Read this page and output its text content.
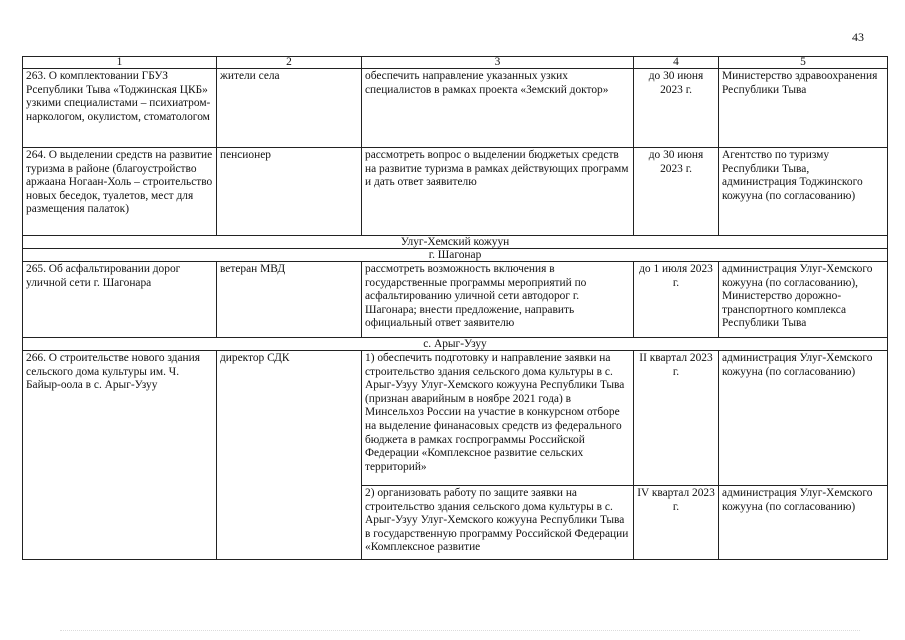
43
1	2	3	4	5
263. О комплектовании ГБУЗ Рсепублики Тыва «Тоджинская ЦКБ» узкими специалистами – психиатром-наркологом, окулистом, стоматологом	жители села	обеспечить направление указанных узких специалистов в рамках проекта «Земский доктор»	до 30 июня 2023 г.	Министерство здравоохранения Республики Тыва
264. О выделении средств на развитие туризма в районе (благоустройство аржаана Ногаан-Холь – строительство новых беседок, туалетов, мест для размещения палаток)	пенсионер	рассмотреть вопрос о выделении бюджетых средств на развитие туризма в рамках действующих программ и дать ответ заявителю	до 30 июня 2023 г.	Агентство по туризму Республики Тыва, администрация Тоджинского кожууна (по согласованию)
Улуг-Хемский кожуун				
г. Шагонар				
265. Об асфальтировании дорог уличной сети г. Шагонара	ветеран МВД	рассмотреть возможность включения в государственные программы мероприятий по асфальтированию уличной сети автодорог г. Шагонара; внести предложение, направить официальный ответ заявителю	до 1 июля 2023 г.	администрация Улуг-Хемского кожууна (по согласованию), Министерство дорожно-транспортного комплекса Республики Тыва
с. Арыг-Узуу				
266. О строительстве нового здания сельского дома культуры им. Ч. Байыр-оола в с. Арыг-Узуу	директор СДК	1) обеспечить подготовку и направление заявки на строительство здания сельского дома культуры в с. Арыг-Узуу Улуг-Хемского кожууна Республики Тыва (признан аварийным в ноябре 2021 года) в Минсельхоз России на участие в конкурсном отборе на выделение финанасовых средств из федерального бюджета в рамках госпрограммы Российской Федерации «Комплексное развитие сельских территорий»	II квартал 2023 г.	администрация Улуг-Хемского кожууна (по согласованию)
		2) организовать работу по защите заявки на строительство здания сельского дома культуры в с. Арыг-Узуу Улуг-Хемского кожууна Республики Тыва в государственную программу Российской Федерации «Комплексное развитие	IV квартал 2023 г.	администрация Улуг-Хемского кожууна (по согласованию)
